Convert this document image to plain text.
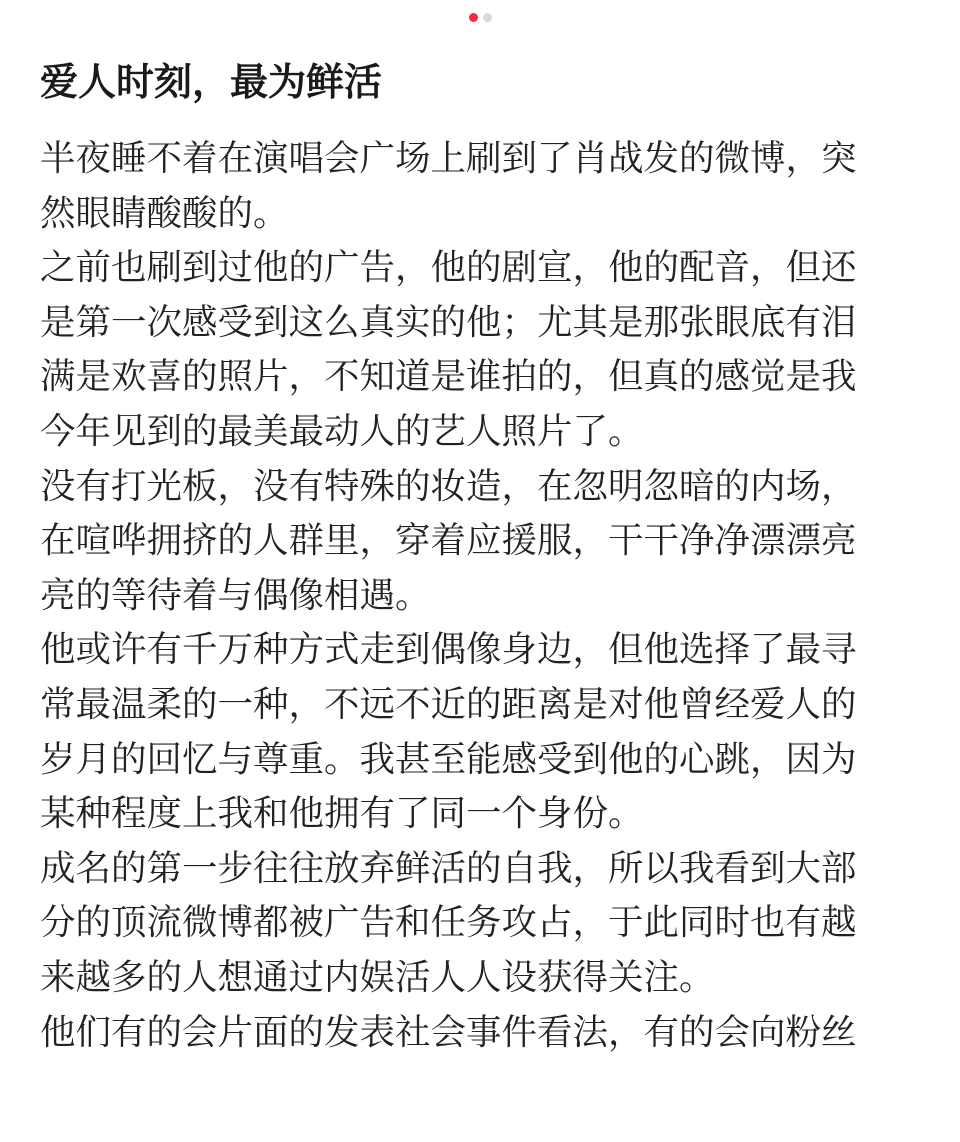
爱人时刻，最为鲜活
半夜睡不着在演唱会广场上刷到了肖战发的微博，突
然眼睛酸酸的。
之前也刷到过他的广告，他的剧宣，他的配音，但还
是第一次感受到这么真实的他；尤其是那张眼底有泪
满是欢喜的照片，不知道是谁拍的，但真的感觉是我
今年见到的最美最动人的艺人照片了。
没有打光板，没有特殊的妆造，在忽明忽暗的内场，
在喧哗拥挤的人群里，穿着应援服，干干净净漂漂亮
亮的等待着与偶像相遇。
他或许有千万种方式走到偶像身边，但他选择了最寻
常最温柔的一种，不远不近的距离是对他曾经爱人的
岁月的回忆与尊重。我甚至能感受到他的心跳，因为
某种程度上我和他拥有了同一个身份。
成名的第一步往往放弃鲜活的自我，所以我看到大部
分的顶流微博都被广告和任务攻占，于此同时也有越
来越多的人想通过内娱活人人设获得关注。
他们有的会片面的发表社会事件看法，有的会向粉丝
